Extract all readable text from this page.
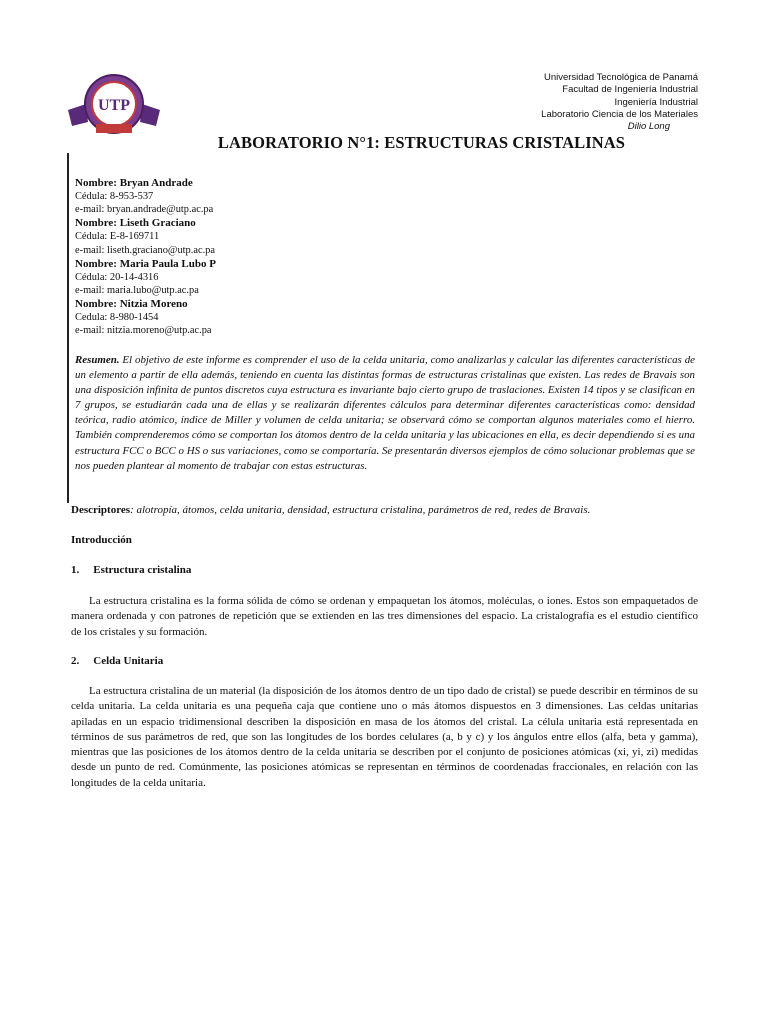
UTP
Universidad Tecnológica de Panamá
Facultad de Ingeniería Industrial
Ingeniería Industrial
Laboratorio Ciencia de los Materiales
Dilio Long
LABORATORIO N°1: ESTRUCTURAS CRISTALINAS
Nombre: Bryan Andrade
Cédula: 8-953-537
e-mail: bryan.andrade@utp.ac.pa
Nombre: Liseth Graciano
Cédula: E-8-169711
e-mail: liseth.graciano@utp.ac.pa
Nombre: Maria Paula Lubo P
Cédula: 20-14-4316
e-mail: maria.lubo@utp.ac.pa
Nombre: Nitzia Moreno
Cedula: 8-980-1454
e-mail: nitzia.moreno@utp.ac.pa
Resumen. El objetivo de este informe es comprender el uso de la celda unitaria, como analizarlas y calcular las diferentes características de un elemento a partir de ella además, teniendo en cuenta las distintas formas de estructuras cristalinas que existen. Las redes de Bravais son una disposición infinita de puntos discretos cuya estructura es invariante bajo cierto grupo de traslaciones. Existen 14 tipos y se clasifican en 7 grupos, se estudiarán cada una de ellas y se realizarán diferentes cálculos para determinar diferentes características como: densidad teórica, radio atómico, índice de Miller y volumen de celda unitaria; se observará cómo se comportan algunos materiales como el hierro. También comprenderemos cómo se comportan los átomos dentro de la celda unitaria y las ubicaciones en ella, es decir dependiendo si es una estructura FCC o BCC o HS o sus variaciones, como se comportaría. Se presentarán diversos ejemplos de cómo solucionar problemas que se nos pueden plantear al momento de trabajar con estas estructuras.
Descriptores: alotropía, átomos, celda unitaria, densidad, estructura cristalina, parámetros de red, redes de Bravais.
Introducción
1. Estructura cristalina
La estructura cristalina es la forma sólida de cómo se ordenan y empaquetan los átomos, moléculas, o iones. Estos son empaquetados de manera ordenada y con patrones de repetición que se extienden en las tres dimensiones del espacio. La cristalografía es el estudio científico de los cristales y su formación.
2. Celda Unitaria
La estructura cristalina de un material (la disposición de los átomos dentro de un tipo dado de cristal) se puede describir en términos de su celda unitaria. La celda unitaria es una pequeña caja que contiene uno o más átomos dispuestos en 3 dimensiones. Las celdas unitarias apiladas en un espacio tridimensional describen la disposición en masa de los átomos del cristal. La célula unitaria está representada en términos de sus parámetros de red, que son las longitudes de los bordes celulares (a, b y c) y los ángulos entre ellos (alfa, beta y gamma), mientras que las posiciones de los átomos dentro de la celda unitaria se describen por el conjunto de posiciones atómicas (xi, yi, zi) medidas desde un punto de red. Comúnmente, las posiciones atómicas se representan en términos de coordenadas fraccionales, en relación con las longitudes de la celda unitaria.
